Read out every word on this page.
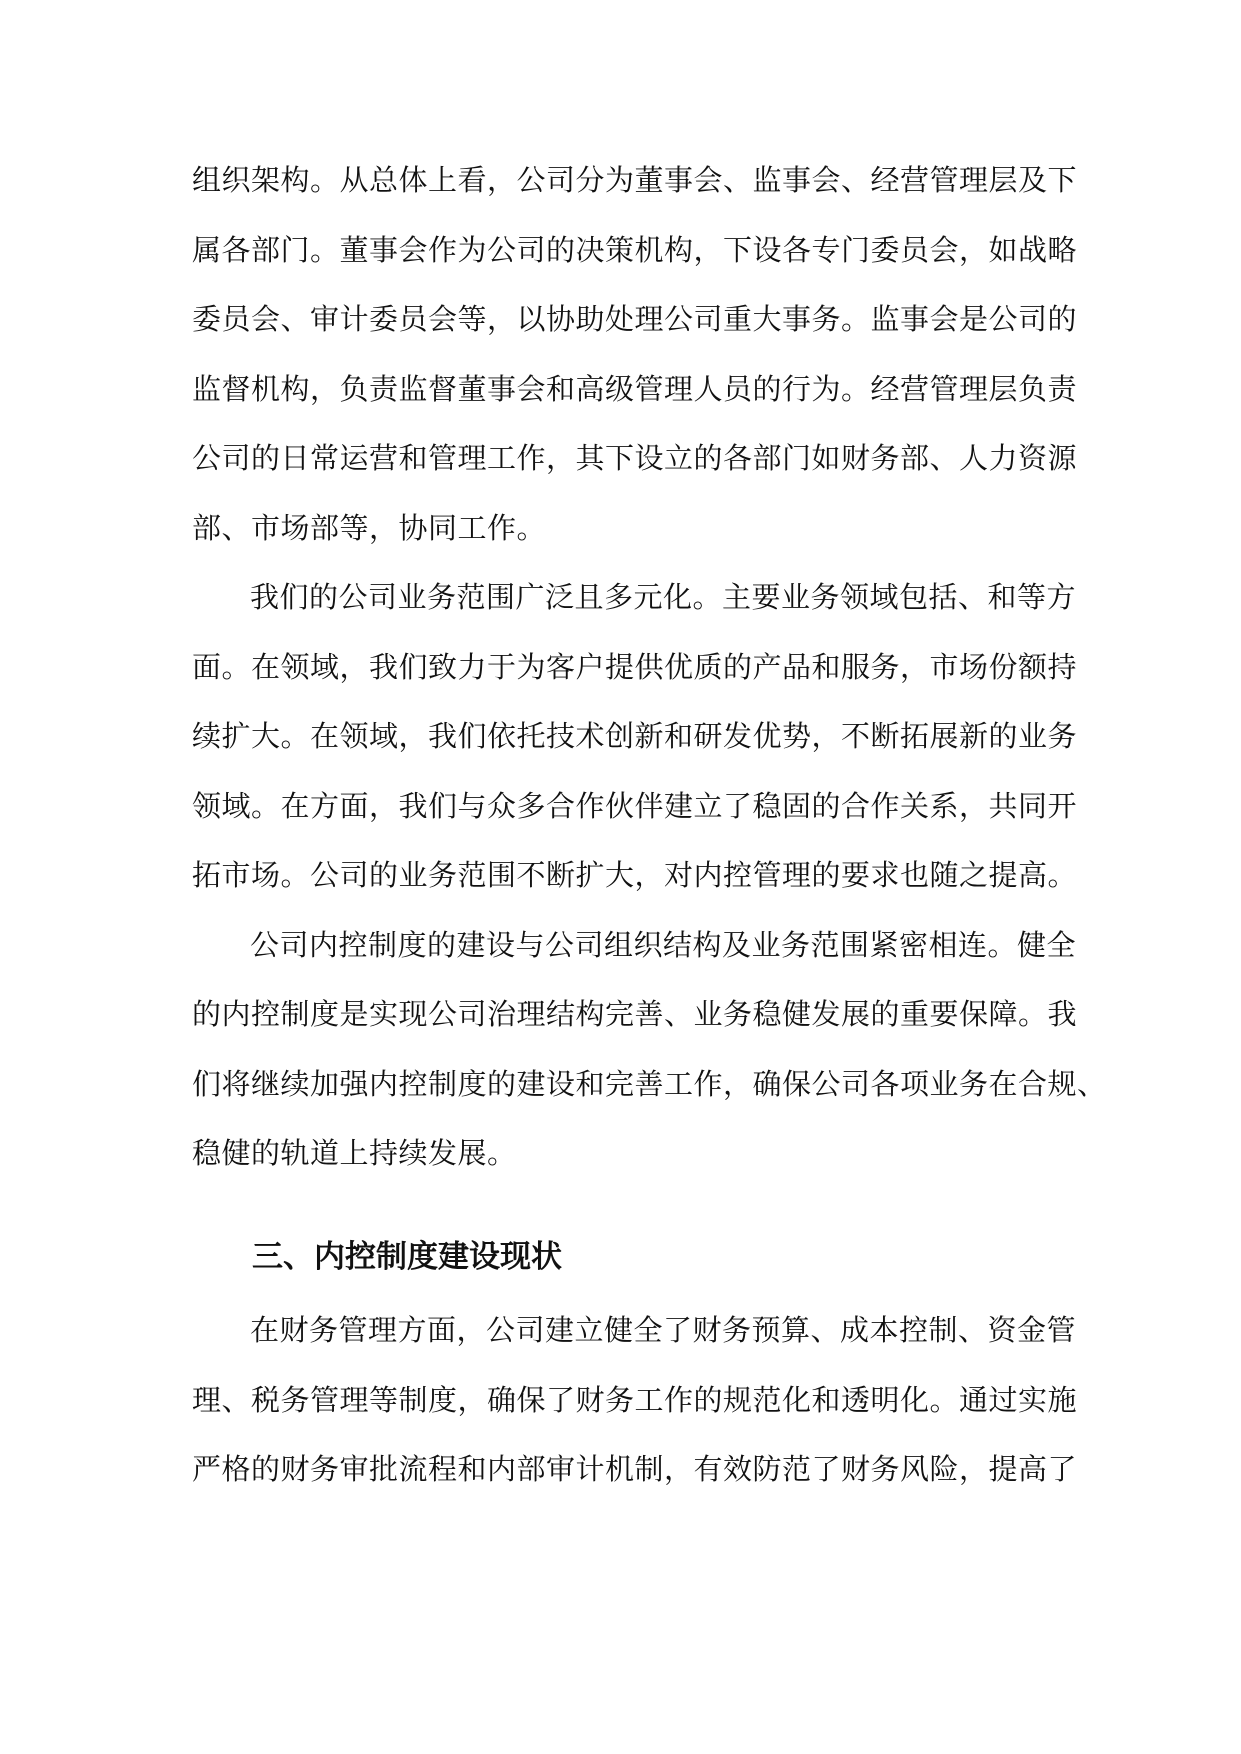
组织架构。从总体上看，公司分为董事会、监事会、经营管理层及下
属各部门。董事会作为公司的决策机构，下设各专门委员会，如战略
委员会、审计委员会等，以协助处理公司重大事务。监事会是公司的
监督机构，负责监督董事会和高级管理人员的行为。经营管理层负责
公司的日常运营和管理工作，其下设立的各部门如财务部、人力资源
部、市场部等，协同工作。

我们的公司业务范围广泛且多元化。主要业务领域包括、和等方
面。在领域，我们致力于为客户提供优质的产品和服务，市场份额持
续扩大。在领域，我们依托技术创新和研发优势，不断拓展新的业务
领域。在方面，我们与众多合作伙伴建立了稳固的合作关系，共同开
拓市场。公司的业务范围不断扩大，对内控管理的要求也随之提高。

公司内控制度的建设与公司组织结构及业务范围紧密相连。健全
的内控制度是实现公司治理结构完善、业务稳健发展的重要保障。我
们将继续加强内控制度的建设和完善工作，确保公司各项业务在合规、
稳健的轨道上持续发展。

三、内控制度建设现状

在财务管理方面，公司建立健全了财务预算、成本控制、资金管
理、税务管理等制度，确保了财务工作的规范化和透明化。通过实施
严格的财务审批流程和内部审计机制，有效防范了财务风险，提高了
